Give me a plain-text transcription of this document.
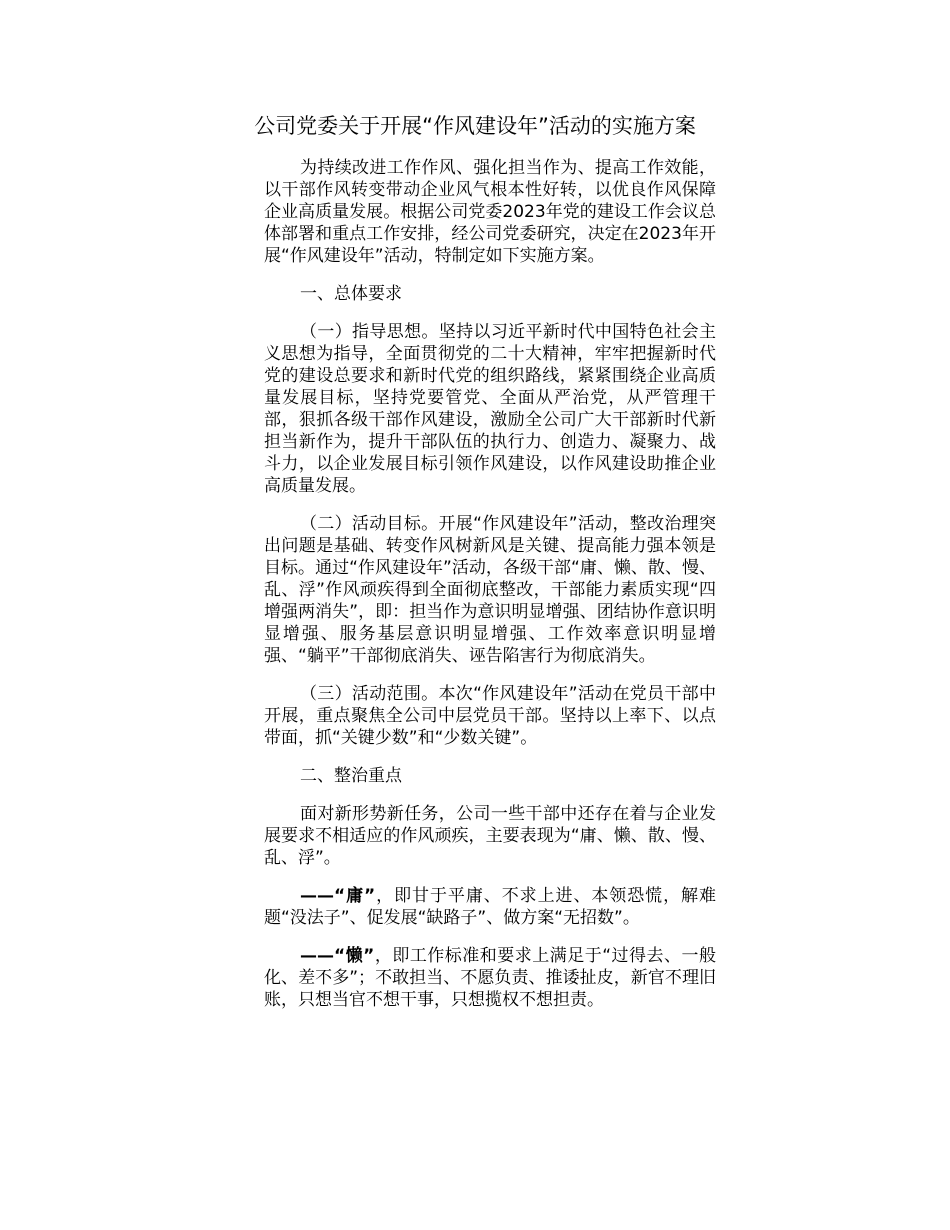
公司党委关于开展“作风建设年”活动的实施方案

为持续改进工作作风、强化担当作为、提高工作效能，以干部作风转变带动企业风气根本性好转，以优良作风保障企业高质量发展。根据公司党委2023年党的建设工作会议总体部署和重点工作安排，经公司党委研究，决定在2023年开展“作风建设年”活动，特制定如下实施方案。

一、总体要求

（一）指导思想。坚持以习近平新时代中国特色社会主义思想为指导，全面贯彻党的二十大精神，牢牢把握新时代党的建设总要求和新时代党的组织路线，紧紧围绕企业高质量发展目标，坚持党要管党、全面从严治党，从严管理干部，狠抓各级干部作风建设，激励全公司广大干部新时代新担当新作为，提升干部队伍的执行力、创造力、凝聚力、战斗力，以企业发展目标引领作风建设，以作风建设助推企业高质量发展。

（二）活动目标。开展“作风建设年”活动，整改治理突出问题是基础、转变作风树新风是关键、提高能力强本领是目标。通过“作风建设年”活动，各级干部“庸、懒、散、慢、乱、浮”作风顽疾得到全面彻底整改，干部能力素质实现“四增强两消失”，即：担当作为意识明显增强、团结协作意识明显增强、服务基层意识明显增强、工作效率意识明显增强、“躺平”干部彻底消失、诬告陷害行为彻底消失。

（三）活动范围。本次“作风建设年”活动在党员干部中开展，重点聚焦全公司中层党员干部。坚持以上率下、以点带面，抓“关键少数”和“少数关键”。

二、整治重点

面对新形势新任务，公司一些干部中还存在着与企业发展要求不相适应的作风顽疾，主要表现为“庸、懒、散、慢、乱、浮”。

——“庸”，即甘于平庸、不求上进、本领恐慌，解难题“没法子”、促发展“缺路子”、做方案“无招数”。

——“懒”，即工作标准和要求上满足于“过得去、一般化、差不多”；不敢担当、不愿负责、推诿扯皮，新官不理旧账，只想当官不想干事，只想揽权不想担责。
